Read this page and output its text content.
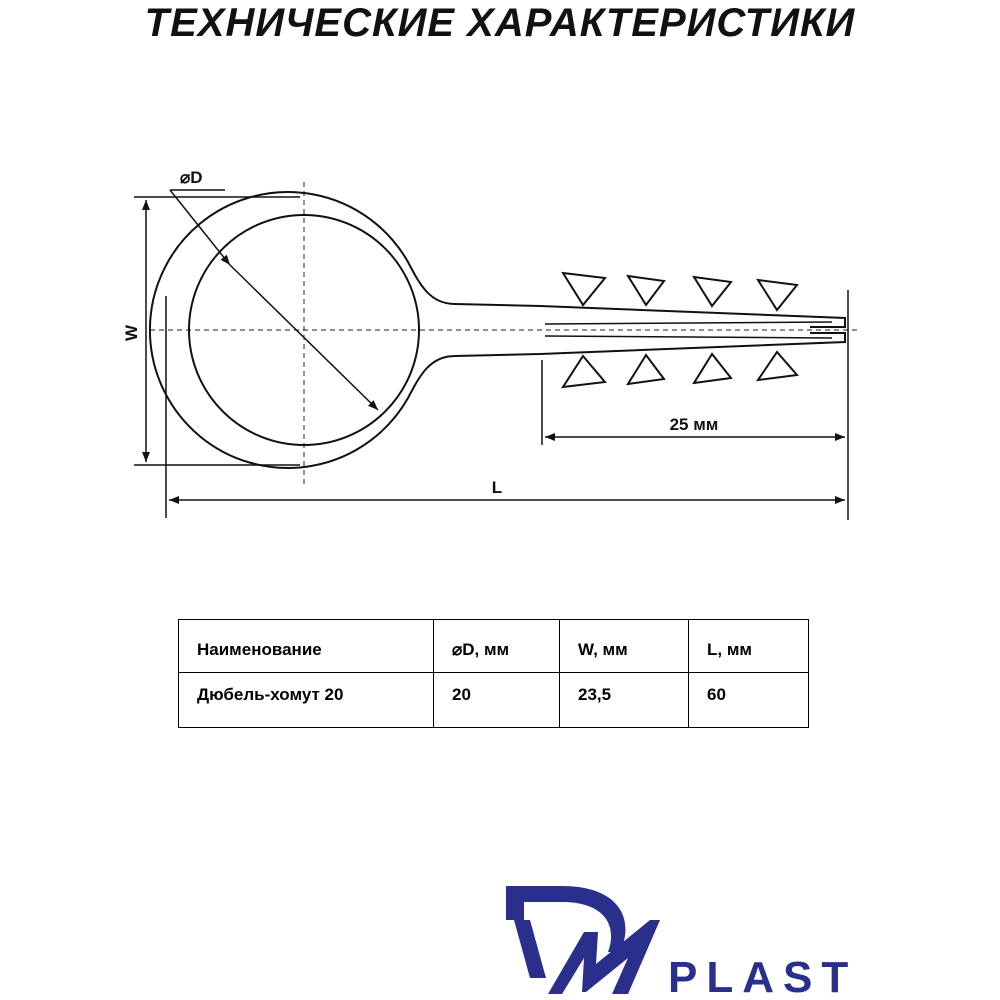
ТЕХНИЧЕСКИЕ ХАРАКТЕРИСТИКИ
⌀D
W
25 мм
L
Наименование	⌀D, мм	W, мм	L, мм
Дюбель-хомут 20	20	23,5	60
PLAST
